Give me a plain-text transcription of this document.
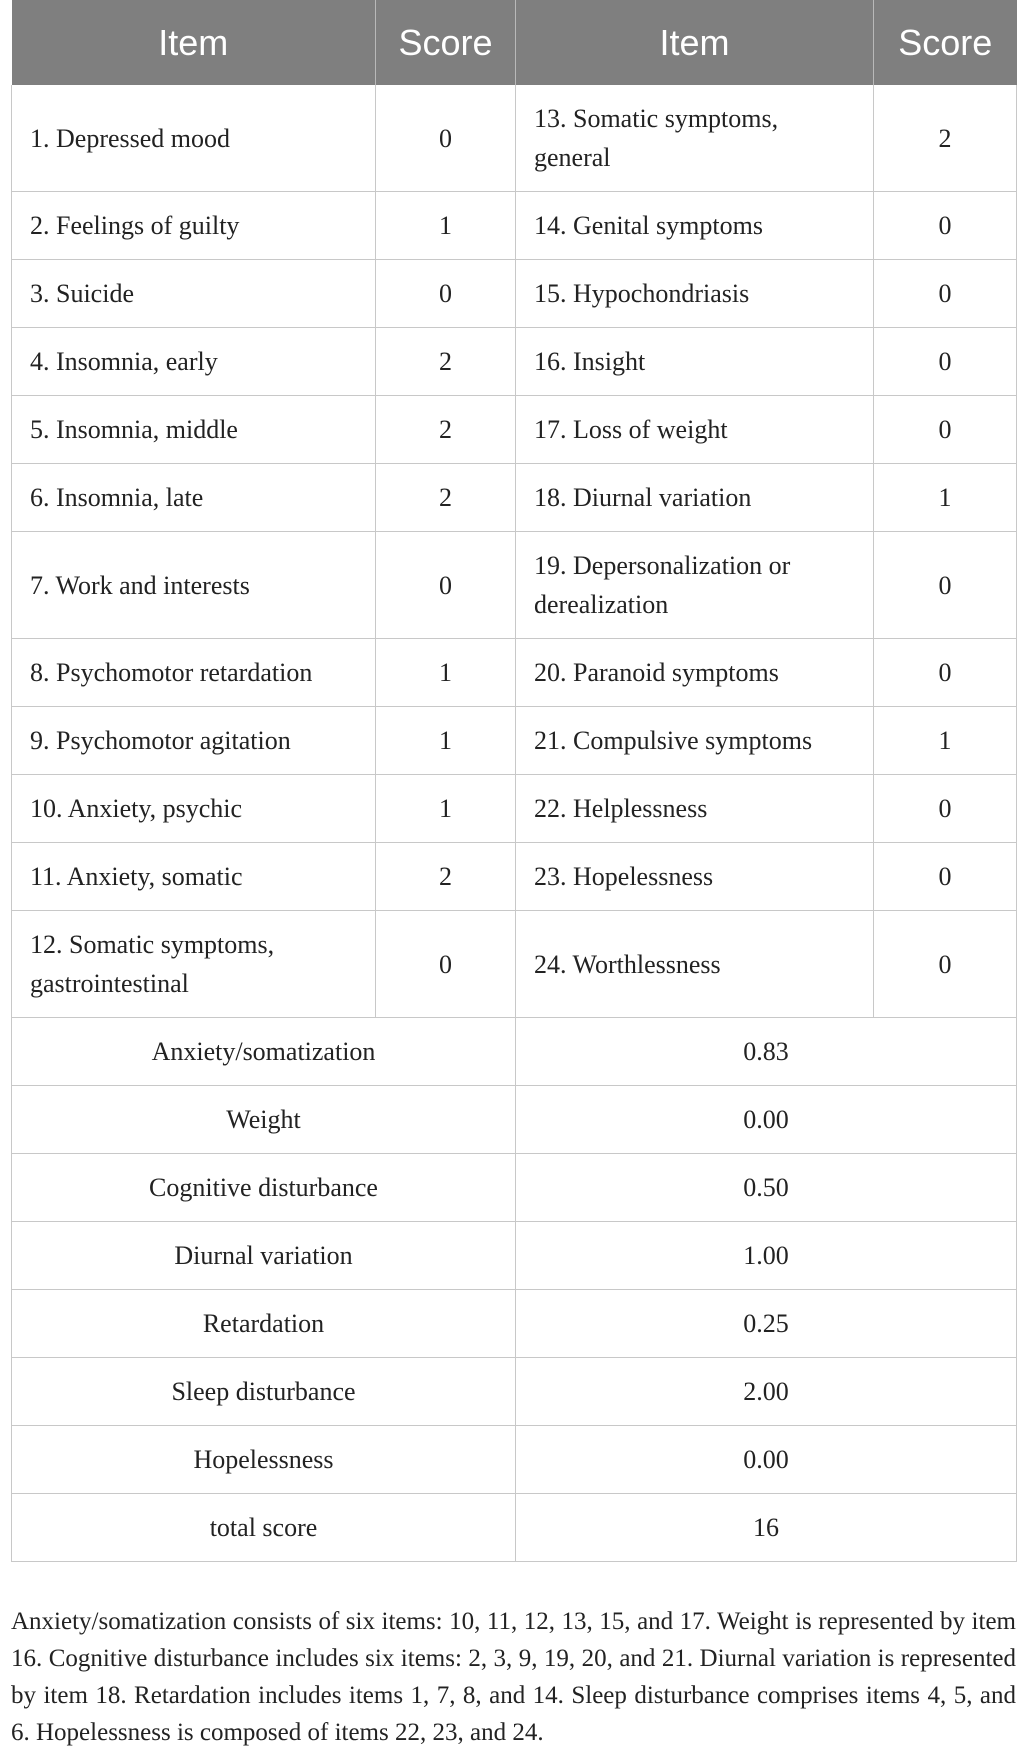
Item	Score	Item	Score
1. Depressed mood	0	13. Somatic symptoms, general	2
2. Feelings of guilty	1	14. Genital symptoms	0
3. Suicide	0	15. Hypochondriasis	0
4. Insomnia, early	2	16. Insight	0
5. Insomnia, middle	2	17. Loss of weight	0
6. Insomnia, late	2	18. Diurnal variation	1
7. Work and interests	0	19. Depersonalization or derealization	0
8. Psychomotor retardation	1	20. Paranoid symptoms	0
9. Psychomotor agitation	1	21. Compulsive symptoms	1
10. Anxiety, psychic	1	22. Helplessness	0
11. Anxiety, somatic	2	23. Hopelessness	0
12. Somatic symptoms, gastrointestinal	0	24. Worthlessness	0
Anxiety/somatization		0.83	
Weight		0.00	
Cognitive disturbance		0.50	
Diurnal variation		1.00	
Retardation		0.25	
Sleep disturbance		2.00	
Hopelessness		0.00	
total score		16	

Anxiety/somatization consists of six items: 10, 11, 12, 13, 15, and 17. Weight is represented by item 16. Cognitive disturbance includes six items: 2, 3, 9, 19, 20, and 21. Diurnal variation is represented by item 18. Retardation includes items 1, 7, 8, and 14. Sleep disturbance comprises items 4, 5, and 6. Hopelessness is composed of items 22, 23, and 24.
